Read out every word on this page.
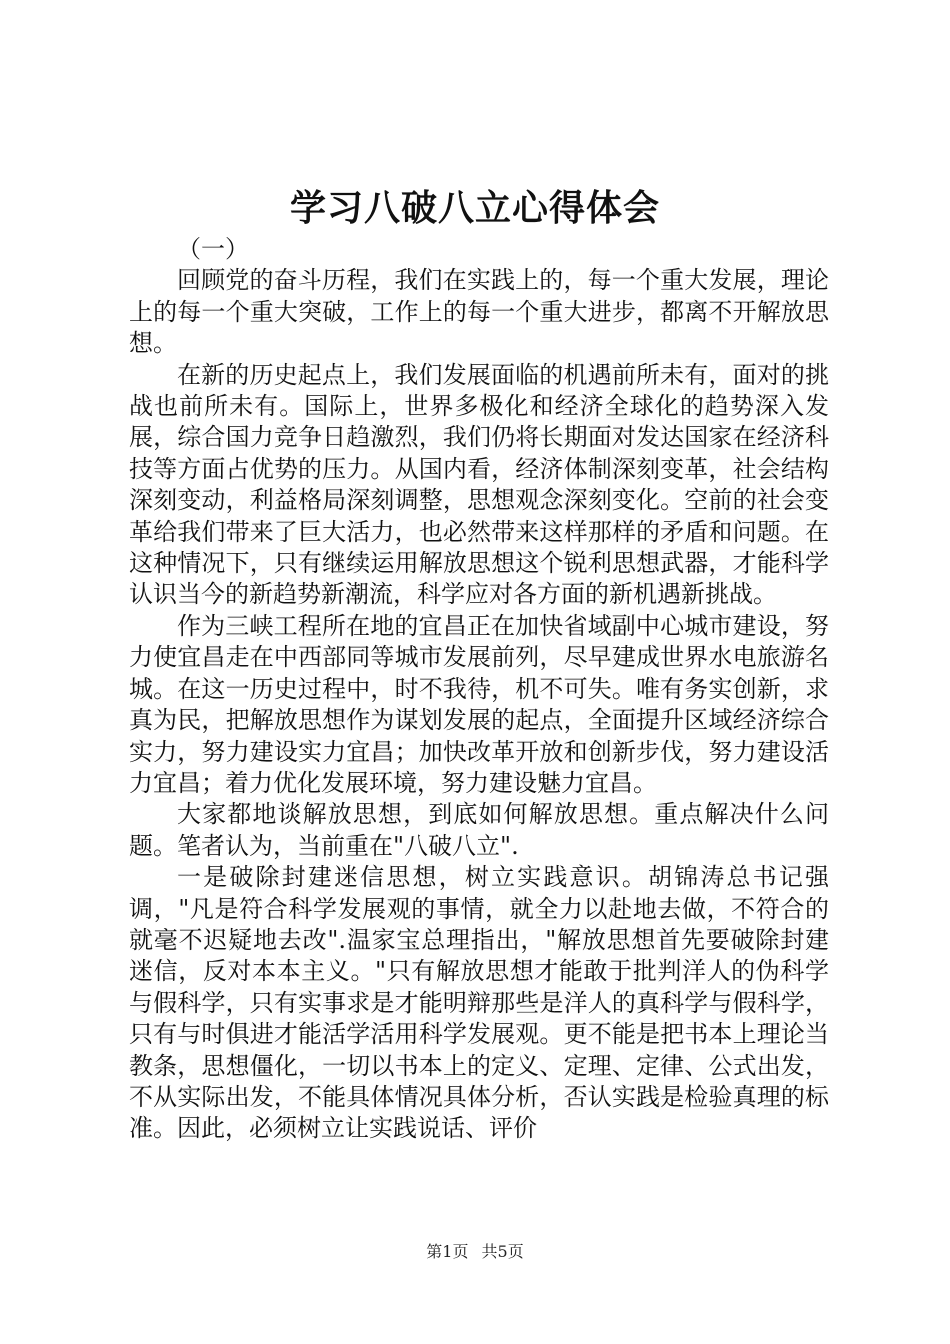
学习八破八立心得体会

（一）

回顾党的奋斗历程，我们在实践上的，每一个重大发展，理论上的每一个重大突破，工作上的每一个重大进步，都离不开解放思想。

在新的历史起点上，我们发展面临的机遇前所未有，面对的挑战也前所未有。国际上，世界多极化和经济全球化的趋势深入发展，综合国力竞争日趋激烈，我们仍将长期面对发达国家在经济科技等方面占优势的压力。从国内看，经济体制深刻变革，社会结构深刻变动，利益格局深刻调整，思想观念深刻变化。空前的社会变革给我们带来了巨大活力，也必然带来这样那样的矛盾和问题。在这种情况下，只有继续运用解放思想这个锐利思想武器，才能科学认识当今的新趋势新潮流，科学应对各方面的新机遇新挑战。

作为三峡工程所在地的宜昌正在加快省域副中心城市建设，努力使宜昌走在中西部同等城市发展前列，尽早建成世界水电旅游名城。在这一历史过程中，时不我待，机不可失。唯有务实创新，求真为民，把解放思想作为谋划发展的起点，全面提升区域经济综合实力，努力建设实力宜昌；加快改革开放和创新步伐，努力建设活力宜昌；着力优化发展环境，努力建设魅力宜昌。

大家都地谈解放思想，到底如何解放思想。重点解决什么问题。笔者认为，当前重在"八破八立".

一是破除封建迷信思想，树立实践意识。胡锦涛总书记强调，"凡是符合科学发展观的事情，就全力以赴地去做，不符合的就毫不迟疑地去改".温家宝总理指出，"解放思想首先要破除封建迷信，反对本本主义。"只有解放思想才能敢于批判洋人的伪科学与假科学，只有实事求是才能明辩那些是洋人的真科学与假科学，只有与时俱进才能活学活用科学发展观。更不能是把书本上理论当教条，思想僵化，一切以书本上的定义、定理、定律、公式出发，不从实际出发，不能具体情况具体分析，否认实践是检验真理的标准。因此，必须树立让实践说话、评价

第1页 共5页
